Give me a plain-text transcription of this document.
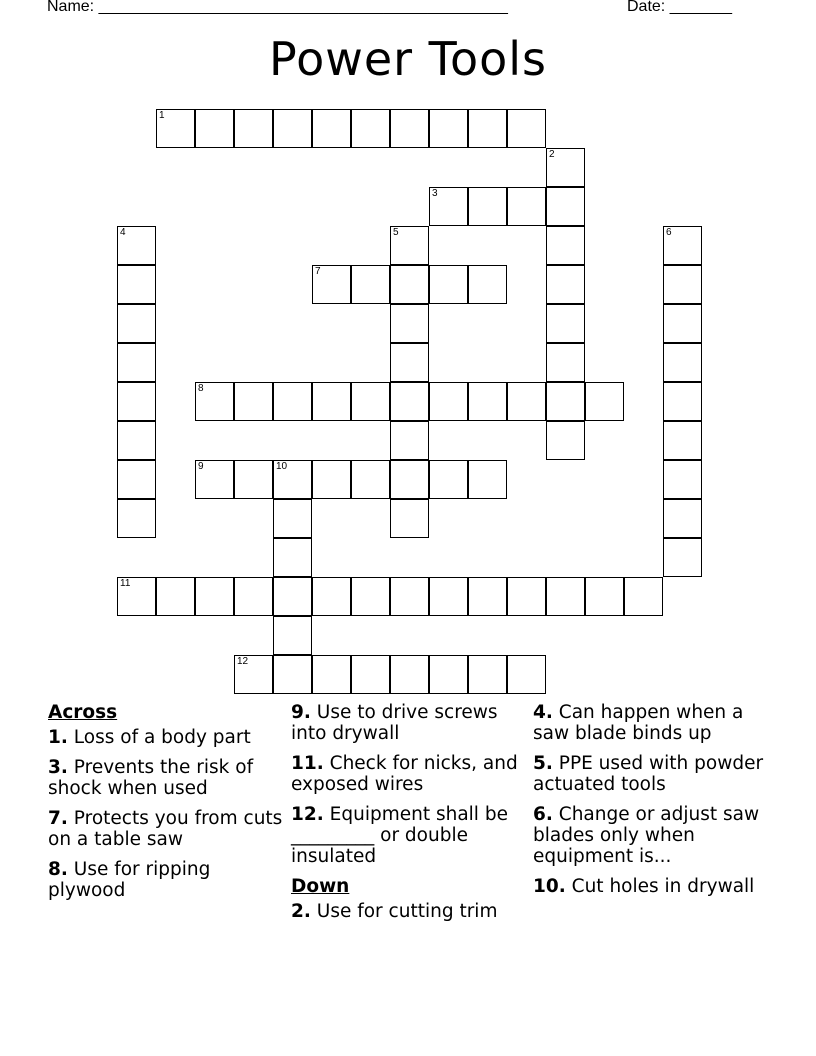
Name: ______________________________________________	Date: _______
Power Tools
1
2
3
4	5	6
7
8
9	10
11
12
Across
1. Loss of a body part
3. Prevents the risk of shock when used
7. Protects you from cuts on a table saw
8. Use for ripping plywood
9. Use to drive screws into drywall
11. Check for nicks, and exposed wires
12. Equipment shall be _________ or double insulated
Down
2. Use for cutting trim
4. Can happen when a saw blade binds up
5. PPE used with powder actuated tools
6. Change or adjust saw blades only when equipment is...
10. Cut holes in drywall
